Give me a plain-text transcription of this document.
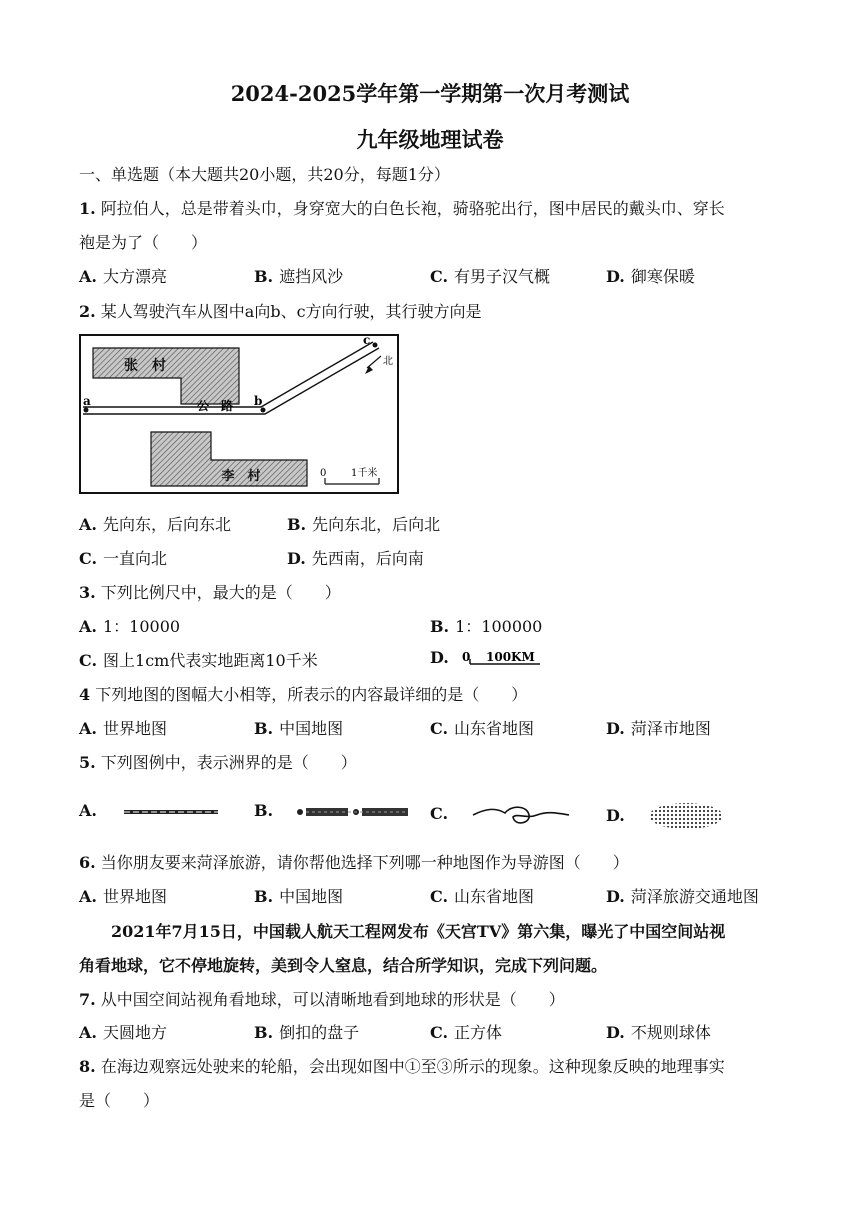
2024-2025学年第一学期第一次月考测试
九年级地理试卷
一、单选题（本大题共20小题，共20分，每题1分）
1. 阿拉伯人，总是带着头巾，身穿宽大的白色长袍，骑骆驼出行，图中居民的戴头巾、穿长
袍是为了（　　）
A. 大方漂亮	B. 遮挡风沙	C. 有男子汉气概	D. 御寒保暖
2. 某人驾驶汽车从图中a向b、c方向行驶，其行驶方向是
张　村
李　村
a	b
c
公　路
北
0 1千米
A. 先向东，后向东北	B. 先向东北，后向北
C. 一直向北	D. 先西南，后向南
3. 下列比例尺中，最大的是（　　）
A. 1：10000	B. 1：100000
C. 图上1cm代表实地距离10千米	D. 0 100KM
4 下列地图的图幅大小相等，所表示的内容最详细的是（　　）
A. 世界地图	B. 中国地图	C. 山东省地图	D. 菏泽市地图
5. 下列图例中，表示洲界的是（　　）
A.	B.	C.	D.
6. 当你朋友要来菏泽旅游，请你帮他选择下列哪一种地图作为导游图（　　）
A. 世界地图	B. 中国地图	C. 山东省地图	D. 菏泽旅游交通地图
2021年7月15日，中国载人航天工程网发布《天宫TV》第六集，曝光了中国空间站视
角看地球，它不停地旋转，美到令人窒息，结合所学知识，完成下列问题。
7. 从中国空间站视角看地球，可以清晰地看到地球的形状是（　　）
A. 天圆地方	B. 倒扣的盘子	C. 正方体	D. 不规则球体
8. 在海边观察远处驶来的轮船，会出现如图中①至③所示的现象。这种现象反映的地理事实
是（　　）
